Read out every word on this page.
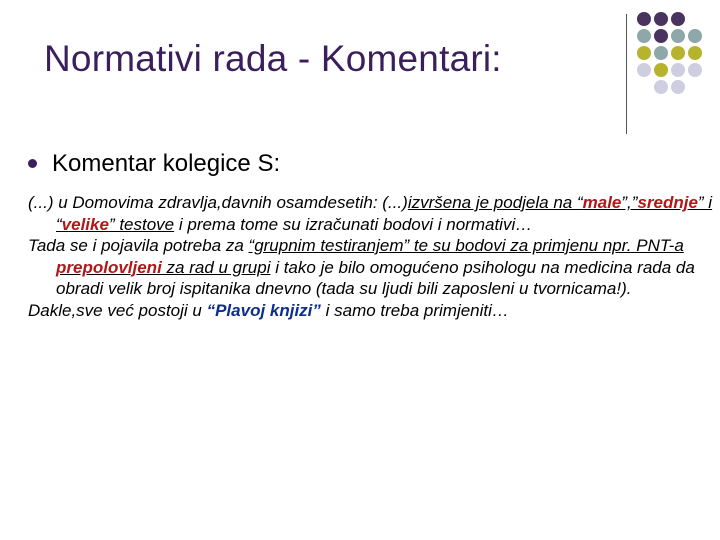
Normativi rada - Komentari:
Komentar kolegice S:

(...) u Domovima zdravlja,davnih osamdesetih: (...)izvršena je podjela na “male”,”srednje” i “velike” testove i prema tome su izračunati bodovi i normativi…

Tada se i pojavila potreba za “grupnim testiranjem” te su bodovi za primjenu npr. PNT-a prepolovljeni za rad u grupi i tako je bilo omogućeno psihologu na medicina rada da obradi velik broj ispitanika dnevno (tada su ljudi bili zaposleni u tvornicama!).

Dakle,sve već postoji u “Plavoj knjizi” i samo treba primjeniti…
